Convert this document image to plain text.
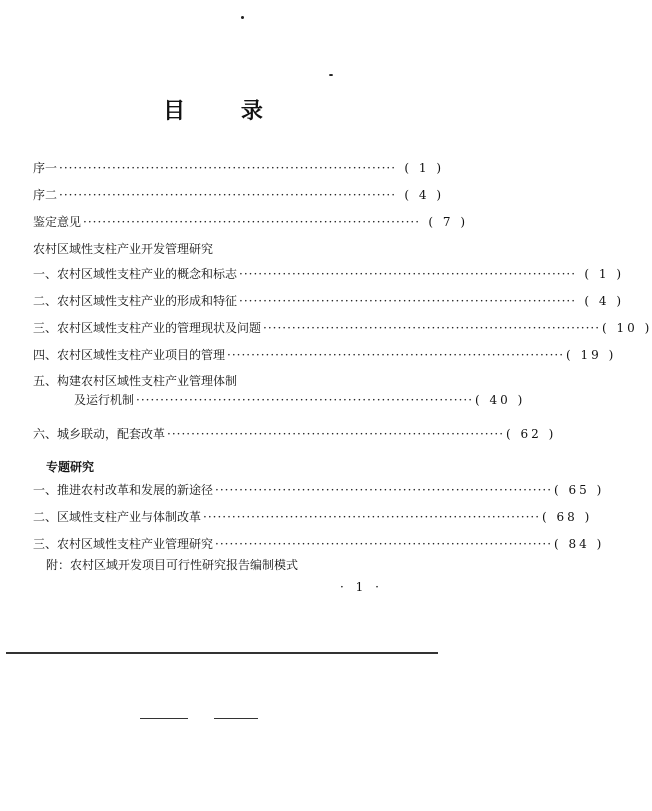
目 录
序一 ······································································ ( 1 )
序二 ······································································ ( 4 )
鉴定意见 ······································································ ( 7 )
农村区域性支柱产业开发管理研究
一、农村区域性支柱产业的概念和标志 ······································································ ( 1 )
二、农村区域性支柱产业的形成和特征 ······································································ ( 4 )
三、农村区域性支柱产业的管理现状及问题 ······································································ ( 10 )
四、农村区域性支柱产业项目的管理 ······································································ ( 19 )
五、构建农村区域性支柱产业管理体制
及运行机制 ······································································ ( 40 )
六、城乡联动，配套改革 ······································································ ( 62 )
专题研究
一、推进农村改革和发展的新途径 ······································································ ( 65 )
二、区域性支柱产业与体制改革 ······································································ ( 68 )
三、农村区域性支柱产业管理研究 ······································································ ( 84 )
附：农村区域开发项目可行性研究报告编制模式
· 1 ·
